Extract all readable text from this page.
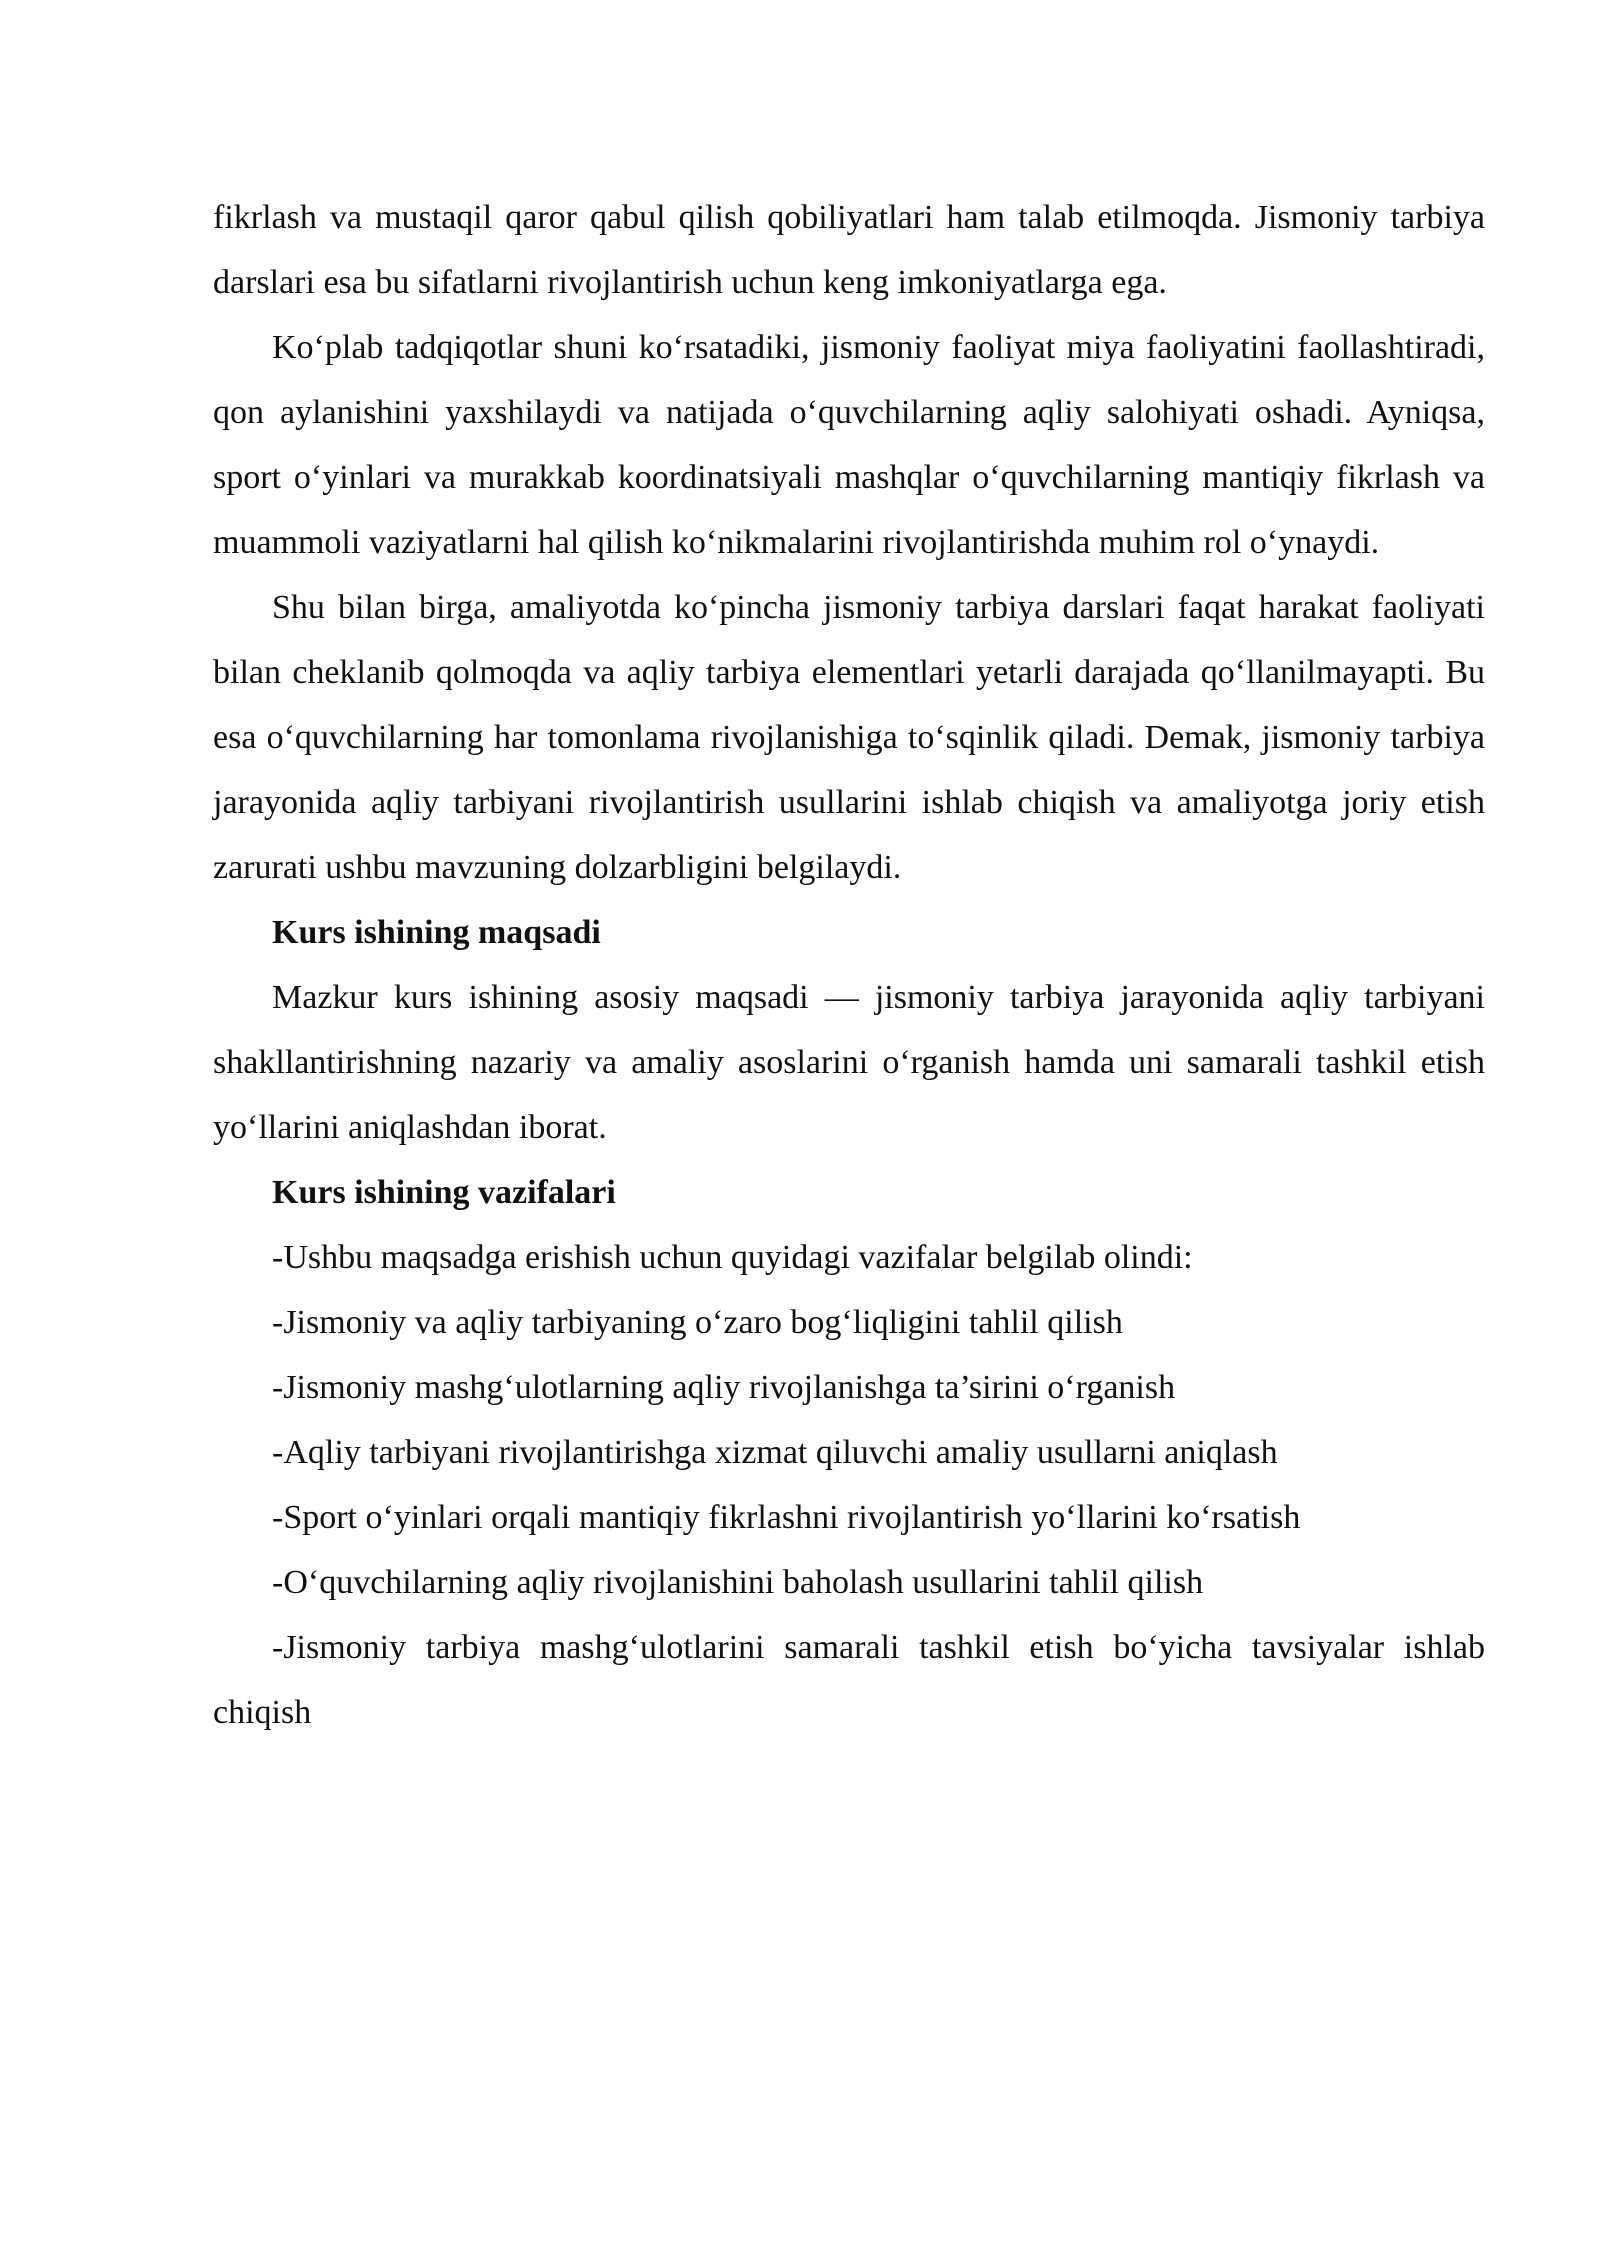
fikrlash va mustaqil qaror qabul qilish qobiliyatlari ham talab etilmoqda. Jismoniy tarbiya darslari esa bu sifatlarni rivojlantirish uchun keng imkoniyatlarga ega.

Ko‘plab tadqiqotlar shuni ko‘rsatadiki, jismoniy faoliyat miya faoliyatini faollashtiradi, qon aylanishini yaxshilaydi va natijada o‘quvchilarning aqliy salohiyati oshadi. Ayniqsa, sport o‘yinlari va murakkab koordinatsiyali mashqlar o‘quvchilarning mantiqiy fikrlash va muammoli vaziyatlarni hal qilish ko‘nikmalarini rivojlantirishda muhim rol o‘ynaydi.

Shu bilan birga, amaliyotda ko‘pincha jismoniy tarbiya darslari faqat harakat faoliyati bilan cheklanib qolmoqda va aqliy tarbiya elementlari yetarli darajada qo‘llanilmayapti. Bu esa o‘quvchilarning har tomonlama rivojlanishiga to‘sqinlik qiladi. Demak, jismoniy tarbiya jarayonida aqliy tarbiyani rivojlantirish usullarini ishlab chiqish va amaliyotga joriy etish zarurati ushbu mavzuning dolzarbligini belgilaydi.

Kurs ishining maqsadi

Mazkur kurs ishining asosiy maqsadi — jismoniy tarbiya jarayonida aqliy tarbiyani shakllantirishning nazariy va amaliy asoslarini o‘rganish hamda uni samarali tashkil etish yo‘llarini aniqlashdan iborat.

Kurs ishining vazifalari

-Ushbu maqsadga erishish uchun quyidagi vazifalar belgilab olindi:

-Jismoniy va aqliy tarbiyaning o‘zaro bog‘liqligini tahlil qilish

-Jismoniy mashg‘ulotlarning aqliy rivojlanishga ta’sirini o‘rganish

-Aqliy tarbiyani rivojlantirishga xizmat qiluvchi amaliy usullarni aniqlash

-Sport o‘yinlari orqali mantiqiy fikrlashni rivojlantirish yo‘llarini ko‘rsatish

-O‘quvchilarning aqliy rivojlanishini baholash usullarini tahlil qilish

-Jismoniy tarbiya mashg‘ulotlarini samarali tashkil etish bo‘yicha tavsiyalar ishlab chiqish
